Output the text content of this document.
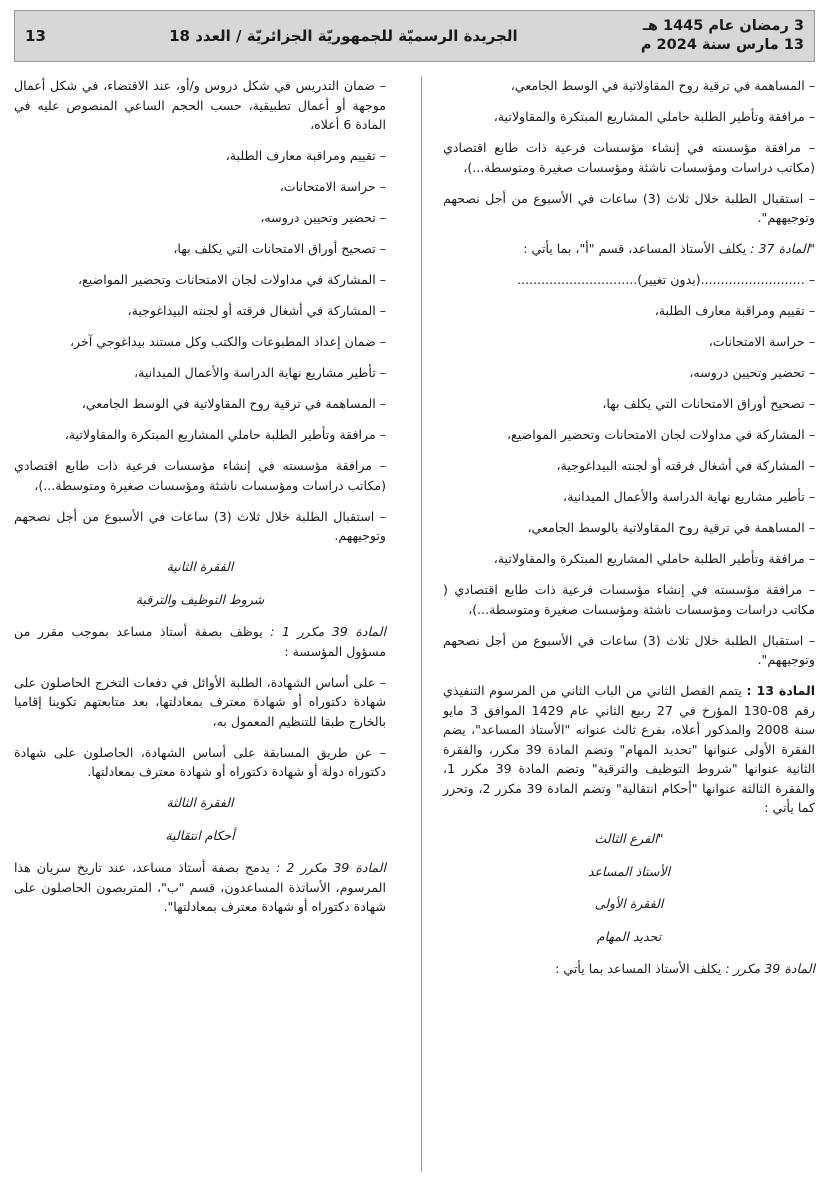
3 رمضان عام 1445 هـ
13 مارس سنة 2024 م
الجريدة الرسميّة للجمهوريّة الجزائريّة / العدد 18
13

– المساهمة في ترقية روح المقاولاتية في الوسط الجامعي،

– مرافقة وتأطير الطلبة حاملي المشاريع المبتكرة والمقاولاتية،

– مرافقة مؤسسته في إنشاء مؤسسات فرعية ذات طابع اقتصادي (مكاتب دراسات ومؤسسات ناشئة ومؤسسات صغيرة ومتوسطة...)،

– استقبال الطلبة خلال ثلاث (3) ساعات في الأسبوع من أجل نصحهم وتوجيههم".

"المادة 37 : يكلف الأستاذ المساعد، قسم "أ"، بما يأتي :

– ..........................(بدون تغيير)..............................

– تقييم ومراقبة معارف الطلبة،

– حراسة الامتحانات،

– تحضير وتحيين دروسه،

– تصحيح أوراق الامتحانات التي يكلف بها،

– المشاركة في مداولات لجان الامتحانات وتحضير المواضيع،

– المشاركة في أشغال فرقته أو لجنته البيداغوجية،

– تأطير مشاريع نهاية الدراسة والأعمال الميدانية،

– المساهمة في ترقية روح المقاولاتية بالوسط الجامعي،

– مرافقة وتأطير الطلبة حاملي المشاريع المبتكرة والمقاولاتية،

– مرافقة مؤسسته في إنشاء مؤسسات فرعية ذات طابع اقتصادي ( مكاتب دراسات ومؤسسات ناشئة ومؤسسات صغيرة ومتوسطة...)،

– استقبال الطلبة خلال ثلاث (3) ساعات في الأسبوع من أجل نصحهم وتوجيههم".

المادة 13 : يتمم الفصل الثاني من الباب الثاني من المرسوم التنفيذي رقم 08-130 المؤرخ في 27 ربيع الثاني عام 1429 الموافق 3 مايو سنة 2008 والمذكور أعلاه، بفرع ثالث عنوانه "الأستاذ المساعد"، يضم الفقرة الأولى عنوانها "تحديد المهام" وتضم المادة 39 مكرر، والفقرة الثانية عنوانها "شروط التوظيف والترقية" وتضم المادة 39 مكرر 1، والفقرة الثالثة عنوانها "أحكام انتقالية" وتضم المادة 39 مكرر 2، وتحرر كما يأتي :

"الفرع الثالث

الأستاذ المساعد

الفقرة الأولى

تحديد المهام

المادة 39 مكرر : يكلف الأستاذ المساعد بما يأتي :

– ضمان التدريس في شكل دروس و/أو، عند الاقتضاء، في شكل أعمال موجهة أو أعمال تطبيقية، حسب الحجم الساعي المنصوص عليه في المادة 6 أعلاه،

– تقييم ومراقبة معارف الطلبة،

– حراسة الامتحانات،

– تحضير وتحيين دروسه،

– تصحيح أوراق الامتحانات التي يكلف بها،

– المشاركة في مداولات لجان الامتحانات وتحضير المواضيع،

– المشاركة في أشغال فرقته أو لجنته البيداغوجية،

– ضمان إعداد المطبوعات والكتب وكل مستند بيداغوجي آخر،

– تأطير مشاريع نهاية الدراسة والأعمال الميدانية،

– المساهمة في ترقية روح المقاولاتية في الوسط الجامعي،

– مرافقة وتأطير الطلبة حاملي المشاريع المبتكرة والمقاولاتية،

– مرافقة مؤسسته في إنشاء مؤسسات فرعية ذات طابع اقتصادي (مكاتب دراسات ومؤسسات ناشئة ومؤسسات صغيرة ومتوسطة...)،

– استقبال الطلبة خلال ثلاث (3) ساعات في الأسبوع من أجل نصحهم وتوجيههم.

الفقرة الثانية

شروط التوظيف والترقية

المادة 39 مكرر 1 : يوظف بصفة أستاذ مساعد بموجب مقرر من مسؤول المؤسسة :

– على أساس الشهادة، الطلبة الأوائل في دفعات التخرج الحاصلون على شهادة دكتوراه أو شهادة معترف بمعادلتها، بعد متابعتهم تكوينا إقاميا بالخارج طبقا للتنظيم المعمول به،

– عن طريق المسابقة على أساس الشهادة، الحاصلون على شهادة دكتوراه دولة أو شهادة دكتوراه أو شهادة معترف بمعادلتها.

الفقرة الثالثة

أحكام انتقالية

المادة 39 مكرر 2 : يدمج بصفة أستاذ مساعد، عند تاريخ سريان هذا المرسوم، الأساتذة المساعدون، قسم "ب"، المتربصون الحاصلون على شهادة دكتوراه أو شهادة معترف بمعادلتها".
